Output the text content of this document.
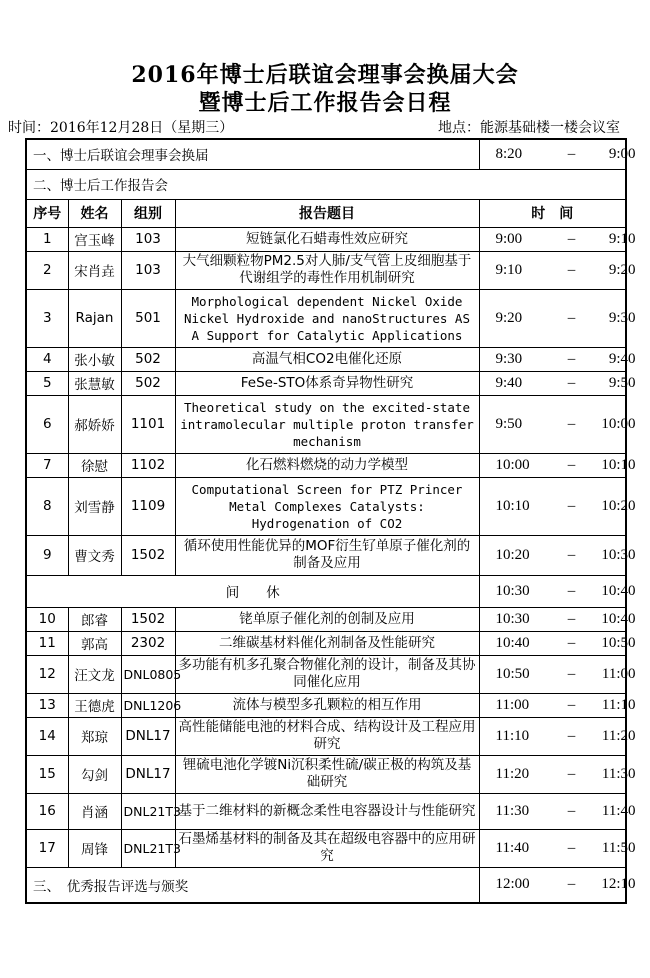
2016年博士后联谊会理事会换届大会
暨博士后工作报告会日程
时间：2016年12月28日（星期三）	地点：能源基础楼一楼会议室
一、博士后联谊会理事会换届				8:20 – 9:00

二、博士后工作报告会				
序号	姓名	组别	报告题目	时　间
1	宫玉峰	103	短链氯化石蜡毒性效应研究	9:00 – 9:10

2	宋肖垚	103	大气细颗粒物PM2.5对人肺/支气管上皮细胞基于代谢组学的毒性作用机制研究	9:10 – 9:20

3	Rajan	501	Morphological dependent Nickel Oxide Nickel Hydroxide and nanoStructures AS A Support for Catalytic Applications	9:20 – 9:30

4	张小敏	502	高温气相CO2电催化还原	9:30 – 9:40

5	张慧敏	502	FeSe-STO体系奇异物性研究	9:40 – 9:50

6	郝娇娇	1101	Theoretical study on the excited-state intramolecular multiple proton transfer mechanism	9:50 – 10:00

7	徐慰	1102	化石燃料燃烧的动力学模型	10:00 – 10:10

8	刘雪静	1109	Computational Screen for PTZ Princer Metal Complexes Catalysts: Hydrogenation of CO2	10:10 – 10:20

9	曹文秀	1502	循环使用性能优异的MOF衍生钌单原子催化剂的制备及应用	10:20 – 10:30

间　　休				10:30 – 10:40

10	郎睿	1502	铑单原子催化剂的创制及应用	10:30 – 10:40

11	郭高	2302	二维碳基材料催化剂制备及性能研究	10:40 – 10:50

12	汪文龙	DNL0805	多功能有机多孔聚合物催化剂的设计，制备及其协同催化应用	10:50 – 11:00

13	王德虎	DNL1206	流体与模型多孔颗粒的相互作用	11:00 – 11:10

14	郑琼	DNL17	高性能储能电池的材料合成、结构设计及工程应用研究	11:10 – 11:20

15	勾剑	DNL17	锂硫电池化学镀Ni沉积柔性硫/碳正极的构筑及基础研究	11:20 – 11:30

16	肖涵	DNL21T3	基于二维材料的新概念柔性电容器设计与性能研究	11:30 – 11:40

17	周锋	DNL21T3	石墨烯基材料的制备及其在超级电容器中的应用研究	11:40 – 11:50

三、　优秀报告评选与颁奖				12:00 – 12:10
